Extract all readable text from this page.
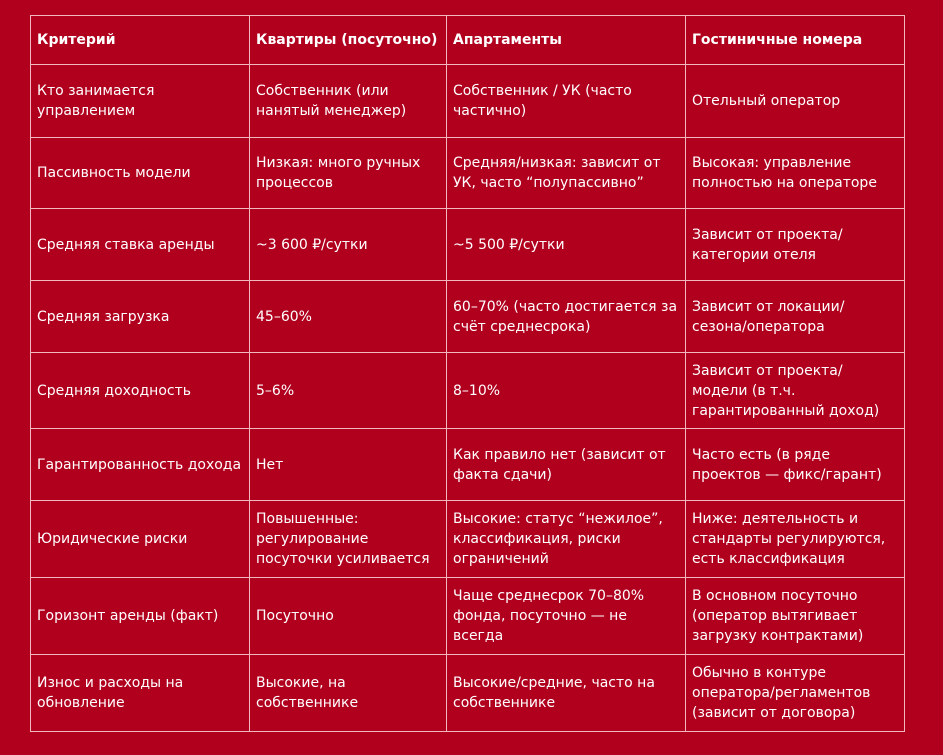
Критерий	Квартиры (посуточно)	Апартаменты	Гостиничные номера
Кто занимается управлением	Собственник (или нанятый менеджер)	Собственник / УК (часто частично)	Отельный оператор
Пассивность модели	Низкая: много ручных процессов	Средняя/низкая: зависит от УК, часто “полупассивно”	Высокая: управление полностью на операторе
Средняя ставка аренды	~3 600 ₽/сутки	~5 500 ₽/сутки	Зависит от проекта/категории отеля
Средняя загрузка	45–60%	60–70% (часто достигается за счёт среднесрока)	Зависит от локации/сезона/оператора
Средняя доходность	5–6%	8–10%	Зависит от проекта/модели (в т.ч. гарантированный доход)
Гарантированность дохода	Нет	Как правило нет (зависит от факта сдачи)	Часто есть (в ряде проектов — фикс/гарант)
Юридические риски	Повышенные: регулирование посуточки усиливается	Высокие: статус “нежилое”, классификация, риски ограничений	Ниже: деятельность и стандарты регулируются, есть классификация
Горизонт аренды (факт)	Посуточно	Чаще среднесрок 70–80% фонда, посуточно — не всегда	В основном посуточно (оператор вытягивает загрузку контрактами)
Износ и расходы на обновление	Высокие, на собственнике	Высокие/средние, часто на собственнике	Обычно в контуре оператора/регламентов (зависит от договора)
